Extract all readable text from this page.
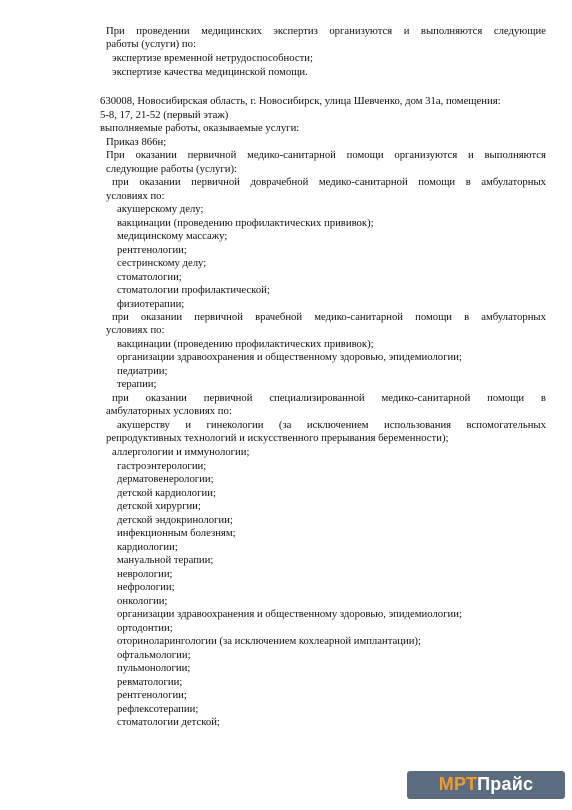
При проведении медицинских экспертиз организуются и выполняются следующие
работы (услуги) по:
экспертизе временной нетрудоспособности;
экспертизе качества медицинской помощи.
630008, Новосибирская область, г. Новосибирск, улица Шевченко, дом 31а, помещения:
5-8, 17, 21-52 (первый этаж)
выполняемые работы, оказываемые услуги:
Приказ 866н;
При оказании первичной медико-санитарной помощи организуются и выполняются
следующие работы (услуги):
при оказании первичной доврачебной медико-санитарной помощи в амбулаторных
условиях по:
акушерскому делу;
вакцинации (проведению профилактических прививок);
медицинскому массажу;
рентгенологии;
сестринскому делу;
стоматологии;
стоматологии профилактической;
физиотерапии;
при оказании первичной врачебной медико-санитарной помощи в амбулаторных
условиях по:
вакцинации (проведению профилактических прививок);
организации здравоохранения и общественному здоровью, эпидемиологии;
педиатрии;
терапии;
при оказании первичной специализированной медико-санитарной помощи в
амбулаторных условиях по:
акушерству и гинекологии (за исключением использования вспомогательных
репродуктивных технологий и искусственного прерывания беременности);
аллергологии и иммунологии;
гастроэнтерологии;
дерматовенерологии;
детской кардиологии;
детской хирургии;
детской эндокринологии;
инфекционным болезням;
кардиологии;
мануальной терапии;
неврологии;
нефрологии;
онкологии;
организации здравоохранения и общественному здоровью, эпидемиологии;
ортодонтии;
оториноларингологии (за исключением кохлеарной имплантации);
офтальмологии;
пульмонологии;
ревматологии;
рентгенологии;
рефлексотерапии;
стоматологии детской;
МРТ Прайс
